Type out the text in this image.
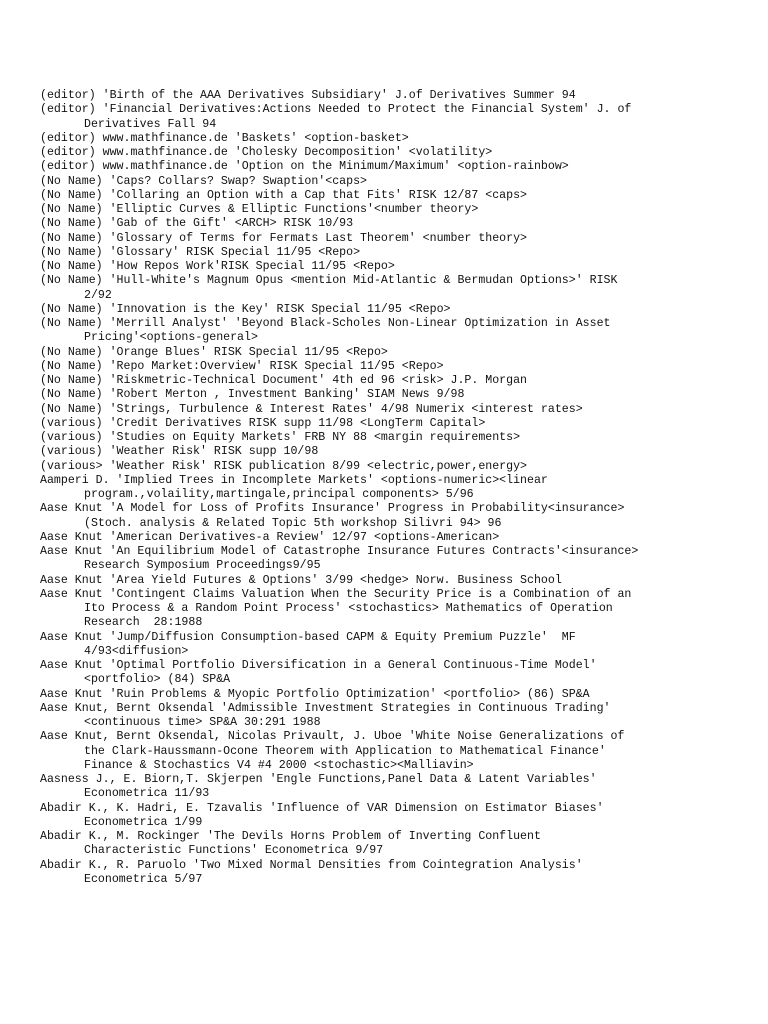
(editor) 'Birth of the AAA Derivatives Subsidiary' J.of Derivatives Summer 94

(editor) 'Financial Derivatives:Actions Needed to Protect the Financial System' J. of
Derivatives Fall 94

(editor) www.mathfinance.de 'Baskets' <option-basket>

(editor) www.mathfinance.de 'Cholesky Decomposition' <volatility>

(editor) www.mathfinance.de 'Option on the Minimum/Maximum' <option-rainbow>

(No Name) 'Caps? Collars? Swap? Swaption'<caps>

(No Name) 'Collaring an Option with a Cap that Fits' RISK 12/87 <caps>

(No Name) 'Elliptic Curves & Elliptic Functions'<number theory>

(No Name) 'Gab of the Gift' <ARCH> RISK 10/93

(No Name) 'Glossary of Terms for Fermats Last Theorem' <number theory>

(No Name) 'Glossary' RISK Special 11/95 <Repo>

(No Name) 'How Repos Work'RISK Special 11/95 <Repo>

(No Name) 'Hull-White's Magnum Opus <mention Mid-Atlantic & Bermudan Options>' RISK
2/92

(No Name) 'Innovation is the Key' RISK Special 11/95 <Repo>

(No Name) 'Merrill Analyst' 'Beyond Black-Scholes Non-Linear Optimization in Asset
Pricing'<options-general>

(No Name) 'Orange Blues' RISK Special 11/95 <Repo>

(No Name) 'Repo Market:Overview' RISK Special 11/95 <Repo>

(No Name) 'Riskmetric-Technical Document' 4th ed 96 <risk> J.P. Morgan

(No Name) 'Robert Merton , Investment Banking' SIAM News 9/98

(No Name) 'Strings, Turbulence & Interest Rates' 4/98 Numerix <interest rates>

(various) 'Credit Derivatives RISK supp 11/98 <LongTerm Capital>

(various) 'Studies on Equity Markets' FRB NY 88 <margin requirements>

(various) 'Weather Risk' RISK supp 10/98

(various> 'Weather Risk' RISK publication 8/99 <electric,power,energy>

Aamperi D. 'Implied Trees in Incomplete Markets' <options-numeric><linear
program.,volaility,martingale,principal components> 5/96

Aase Knut 'A Model for Loss of Profits Insurance' Progress in Probability<insurance>
(Stoch. analysis & Related Topic 5th workshop Silivri 94> 96

Aase Knut 'American Derivatives-a Review' 12/97 <options-American>

Aase Knut 'An Equilibrium Model of Catastrophe Insurance Futures Contracts'<insurance>
Research Symposium Proceedings9/95

Aase Knut 'Area Yield Futures & Options' 3/99 <hedge> Norw. Business School

Aase Knut 'Contingent Claims Valuation When the Security Price is a Combination of an
Ito Process & a Random Point Process' <stochastics> Mathematics of Operation
Research  28:1988

Aase Knut 'Jump/Diffusion Consumption-based CAPM & Equity Premium Puzzle'  MF
4/93<diffusion>

Aase Knut 'Optimal Portfolio Diversification in a General Continuous-Time Model'
<portfolio> (84) SP&A

Aase Knut 'Ruin Problems & Myopic Portfolio Optimization' <portfolio> (86) SP&A

Aase Knut, Bernt Oksendal 'Admissible Investment Strategies in Continuous Trading'
<continuous time> SP&A 30:291 1988

Aase Knut, Bernt Oksendal, Nicolas Privault, J. Uboe 'White Noise Generalizations of
the Clark-Haussmann-Ocone Theorem with Application to Mathematical Finance'
Finance & Stochastics V4 #4 2000 <stochastic><Malliavin>

Aasness J., E. Biorn,T. Skjerpen 'Engle Functions,Panel Data & Latent Variables'
Econometrica 11/93

Abadir K., K. Hadri, E. Tzavalis 'Influence of VAR Dimension on Estimator Biases'
Econometrica 1/99

Abadir K., M. Rockinger 'The Devils Horns Problem of Inverting Confluent
Characteristic Functions' Econometrica 9/97

Abadir K., R. Paruolo 'Two Mixed Normal Densities from Cointegration Analysis'
Econometrica 5/97
